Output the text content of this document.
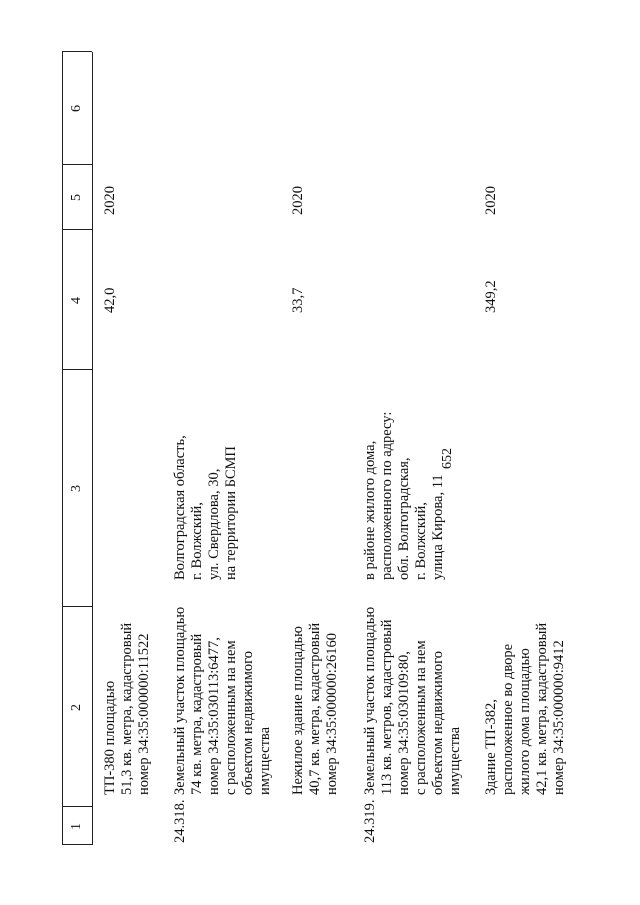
652
1
2
3
4
5
6
ТП-380 площадью
51,3 кв. метра, кадастровый
номер 34:35:000000:11522
42,0
2020
24.318.
Земельный участок площадью
74 кв. метра, кадастровый
номер 34:35:030113:6477,
с расположенным на нем
объектом недвижимого
имущества
Волгоградская область,
г. Волжский,
ул. Свердлова, 30,
на территории БСМП
Нежилое здание площадью
40,7 кв. метра, кадастровый
номер 34:35:000000:26160
33,7
2020
24.319.
Земельный участок площадью
113 кв. метров, кадастровый
номер 34:35:030109:80,
с расположенным на нем
объектом недвижимого
имущества
в районе жилого дома,
расположенного по адресу:
обл. Волгоградская,
г. Волжский,
улица Кирова, 11
Здание ТП-382,
расположенное во дворе
жилого дома площадью
42,1 кв. метра, кадастровый
номер 34:35:000000:9412
349,2
2020
